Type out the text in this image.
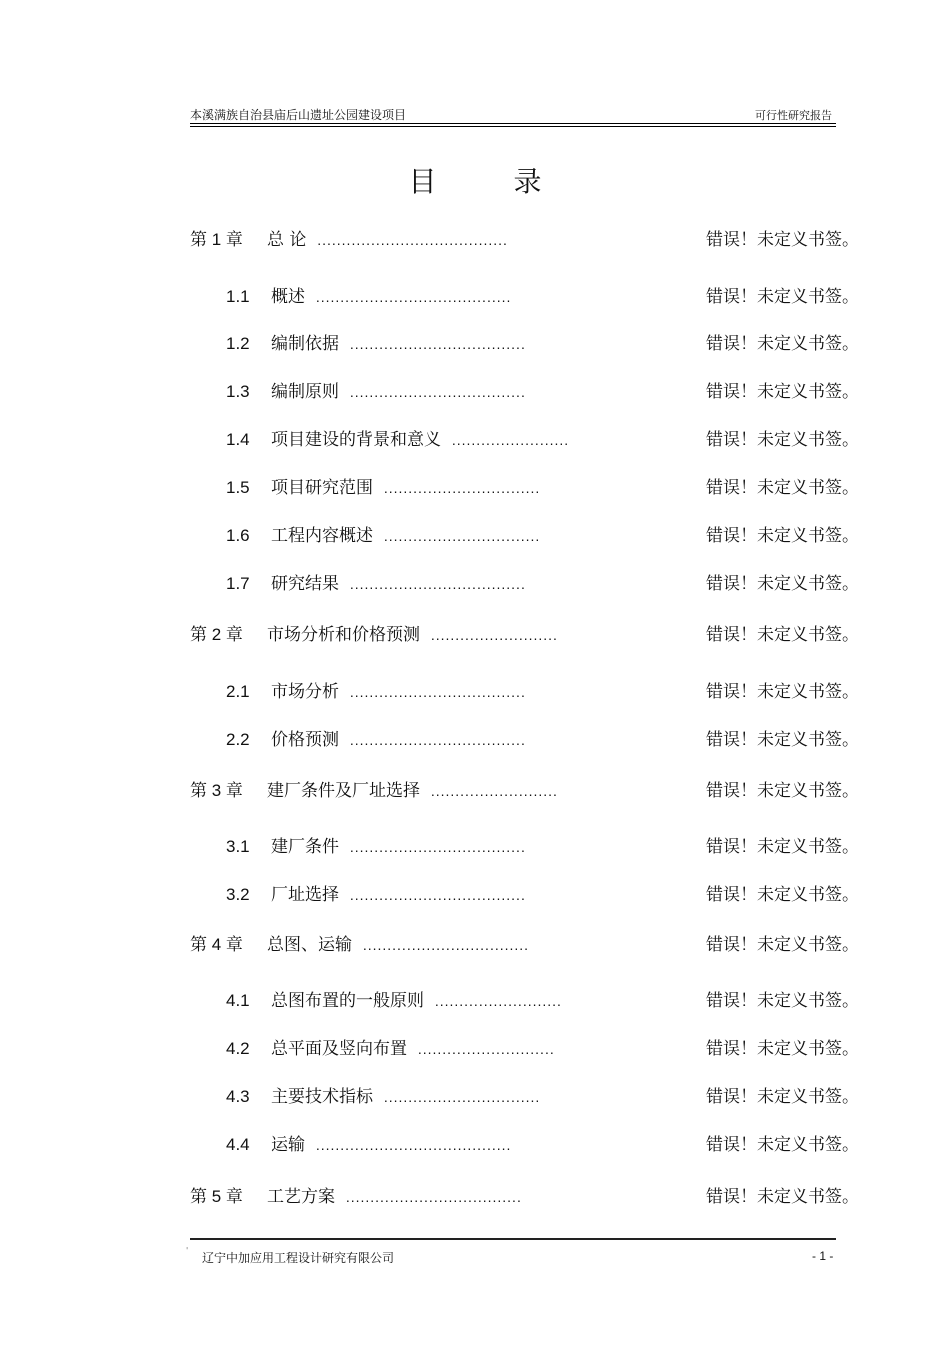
本溪满族自治县庙后山遗址公园建设项目	可行性研究报告
目 录
第 1 章 总 论 .......................................	错误！未定义书签。
1.1 概述 ........................................	错误！未定义书签。
1.2 编制依据 ....................................	错误！未定义书签。
1.3 编制原则 ....................................	错误！未定义书签。
1.4 项目建设的背景和意义 ........................	错误！未定义书签。
1.5 项目研究范围 ................................	错误！未定义书签。
1.6 工程内容概述 ................................	错误！未定义书签。
1.7 研究结果 ....................................	错误！未定义书签。
第 2 章 市场分析和价格预测 ..........................	错误！未定义书签。
2.1 市场分析 ....................................	错误！未定义书签。
2.2 价格预测 ....................................	错误！未定义书签。
第 3 章 建厂条件及厂址选择 ..........................	错误！未定义书签。
3.1 建厂条件 ....................................	错误！未定义书签。
3.2 厂址选择 ....................................	错误！未定义书签。
第 4 章 总图、运输 ..................................	错误！未定义书签。
4.1 总图布置的一般原则 ..........................	错误！未定义书签。
4.2 总平面及竖向布置 ............................	错误！未定义书签。
4.3 主要技术指标 ................................	错误！未定义书签。
4.4 运输 ........................................	错误！未定义书签。
第 5 章 工艺方案 ....................................	错误！未定义书签。
'
辽宁中加应用工程设计研究有限公司	- 1 -
